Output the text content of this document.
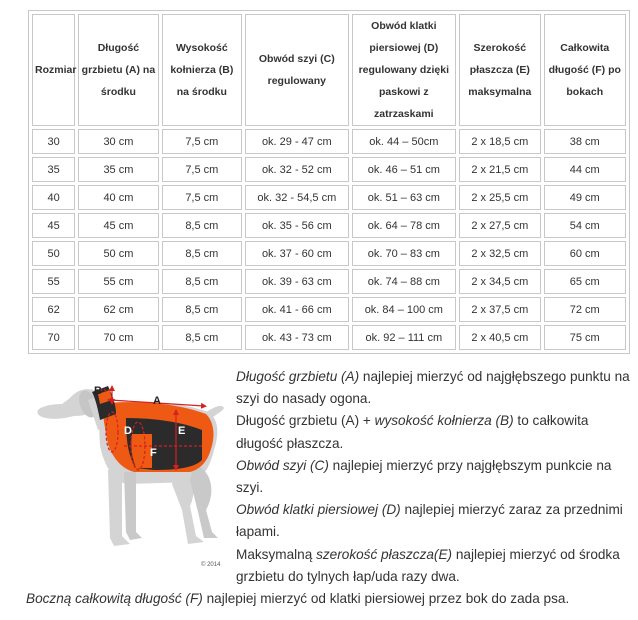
Rozmiar	Długość grzbietu (A) na środku	Wysokość kołnierza (B) na środku	Obwód szyi (C) regulowany	Obwód klatki piersiowej (D) regulowany dzięki paskowi z zatrzaskami	Szerokość płaszcza (E) maksymalna	Całkowita długość (F) po bokach
30	30 cm	7,5 cm	ok. 29 - 47 cm	ok. 44 – 50cm	2 x 18,5 cm	38 cm
35	35 cm	7,5 cm	ok. 32 - 52 cm	ok. 46 – 51 cm	2 x 21,5 cm	44 cm
40	40 cm	7,5 cm	ok. 32 - 54,5 cm	ok. 51 – 63 cm	2 x 25,5 cm	49 cm
45	45 cm	8,5 cm	ok. 35 - 56 cm	ok. 64 – 78 cm	2 x 27,5 cm	54 cm
50	50 cm	8,5 cm	ok. 37 - 60 cm	ok. 70 – 83 cm	2 x 32,5 cm	60 cm
55	55 cm	8,5 cm	ok. 39 - 63 cm	ok. 74 – 88 cm	2 x 34,5 cm	65 cm
62	62 cm	8,5 cm	ok. 41 - 66 cm	ok. 84 – 100 cm	2 x 37,5 cm	72 cm
70	70 cm	8,5 cm	ok. 43 - 73 cm	ok. 92 – 111 cm	2 x 40,5 cm	75 cm
A
B
C D	E
F
© 2014

Długość grzbietu (A) najlepiej mierzyć od najgłębszego punktu na szyi do nasady ogona.

Długość grzbietu (A) + wysokość kołnierza (B) to całkowita długość płaszcza.

Obwód szyi (C) najlepiej mierzyć przy najgłębszym punkcie na szyi.

Obwód klatki piersiowej (D) najlepiej mierzyć zaraz za przednimi łapami.

Maksymalną szerokość płaszcza(E) najlepiej mierzyć od środka grzbietu do tylnych łap/uda razy dwa.

Boczną całkowitą długość (F) najlepiej mierzyć od klatki piersiowej przez bok do zada psa.
